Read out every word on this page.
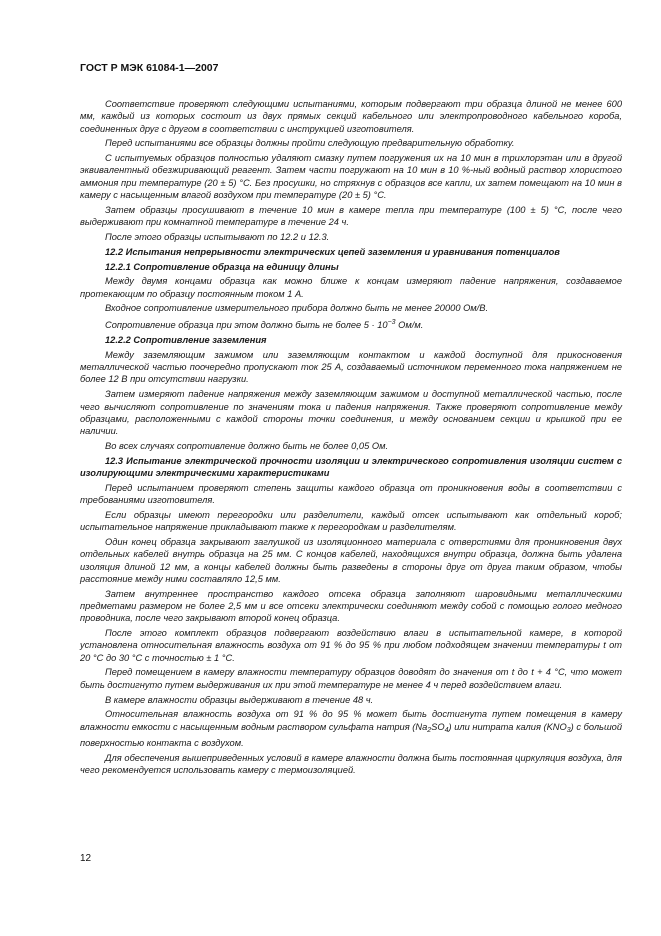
ГОСТ Р МЭК 61084-1—2007

Соответствие проверяют следующими испытаниями, которым подвергают три образца длиной не менее 600 мм, каждый из которых состоит из двух прямых секций кабельного или электропроводного кабельного короба, соединенных друг с другом в соответствии с инструкцией изготовителя.

Перед испытаниями все образцы должны пройти следующую предварительную обработку.

С испытуемых образцов полностью удаляют смазку путем погружения их на 10 мин в трихлорэтан или в другой эквивалентный обезжиривающий реагент. Затем части погружают на 10 мин в 10 %-ный водный раствор хлористого аммония при температуре (20 ± 5) °С. Без просушки, но стряхнув с образцов все капли, их затем помещают на 10 мин в камеру с насыщенным влагой воздухом при температуре (20 ± 5) °С.

Затем образцы просушивают в течение 10 мин в камере тепла при температуре (100 ± 5) °С, после чего выдерживают при комнатной температуре в течение 24 ч.

После этого образцы испытывают по 12.2 и 12.3.

12.2 Испытания непрерывности электрических цепей заземления и уравнивания потенциалов

12.2.1 Сопротивление образца на единицу длины

Между двумя концами образца как можно ближе к концам измеряют падение напряжения, создаваемое протекающим по образцу постоянным током 1 А.

Входное сопротивление измерительного прибора должно быть не менее 20000 Ом/В.

Сопротивление образца при этом должно быть не более $5 \cdot 10^{-3}$ Ом/м.

12.2.2 Сопротивление заземления

Между заземляющим зажимом или заземляющим контактом и каждой доступной для прикосновения металлической частью поочередно пропускают ток 25 А, создаваемый источником переменного тока напряжением не более 12 В при отсутствии нагрузки.

Затем измеряют падение напряжения между заземляющим зажимом и доступной металлической частью, после чего вычисляют сопротивление по значениям тока и падения напряжения. Также проверяют сопротивление между образцами, расположенными с каждой стороны точки соединения, и между основанием секции и крышкой при ее наличии.

Во всех случаях сопротивление должно быть не более 0,05 Ом.

12.3 Испытание электрической прочности изоляции и электрического сопротивления изоляции систем с изолирующими электрическими характеристиками

Перед испытанием проверяют степень защиты каждого образца от проникновения воды в соответствии с требованиями изготовителя.

Если образцы имеют перегородки или разделители, каждый отсек испытывают как отдельный короб; испытательное напряжение прикладывают также к перегородкам и разделителям.

Один конец образца закрывают заглушкой из изоляционного материала с отверстиями для проникновения двух отдельных кабелей внутрь образца на 25 мм. С концов кабелей, находящихся внутри образца, должна быть удалена изоляция длиной 12 мм, а концы кабелей должны быть разведены в стороны друг от друга таким образом, чтобы расстояние между ними составляло 12,5 мм.

Затем внутреннее пространство каждого отсека образца заполняют шаровидными металлическими предметами размером не более 2,5 мм и все отсеки электрически соединяют между собой с помощью голого медного проводника, после чего закрывают второй конец образца.

После этого комплект образцов подвергают воздействию влаги в испытательной камере, в которой установлена относительная влажность воздуха от 91 % до 95 % при любом подходящем значении температуры t от 20 °С до 30 °С с точностью ± 1 °С.

Перед помещением в камеру влажности температуру образцов доводят до значения от t до t + 4 °С, что может быть достигнуто путем выдерживания их при этой температуре не менее 4 ч перед воздействием влаги.

В камере влажности образцы выдерживают в течение 48 ч.

Относительная влажность воздуха от 91 % до 95 % может быть достигнута путем помещения в камеру влажности емкости с насыщенным водным раствором сульфата натрия $(Na_2SO_4)$ или нитрата калия $(KNO_3)$ с большой поверхностью контакта с воздухом.

Для обеспечения вышеприведенных условий в камере влажности должна быть постоянная циркуляция воздуха, для чего рекомендуется использовать камеру с термоизоляцией.

12
